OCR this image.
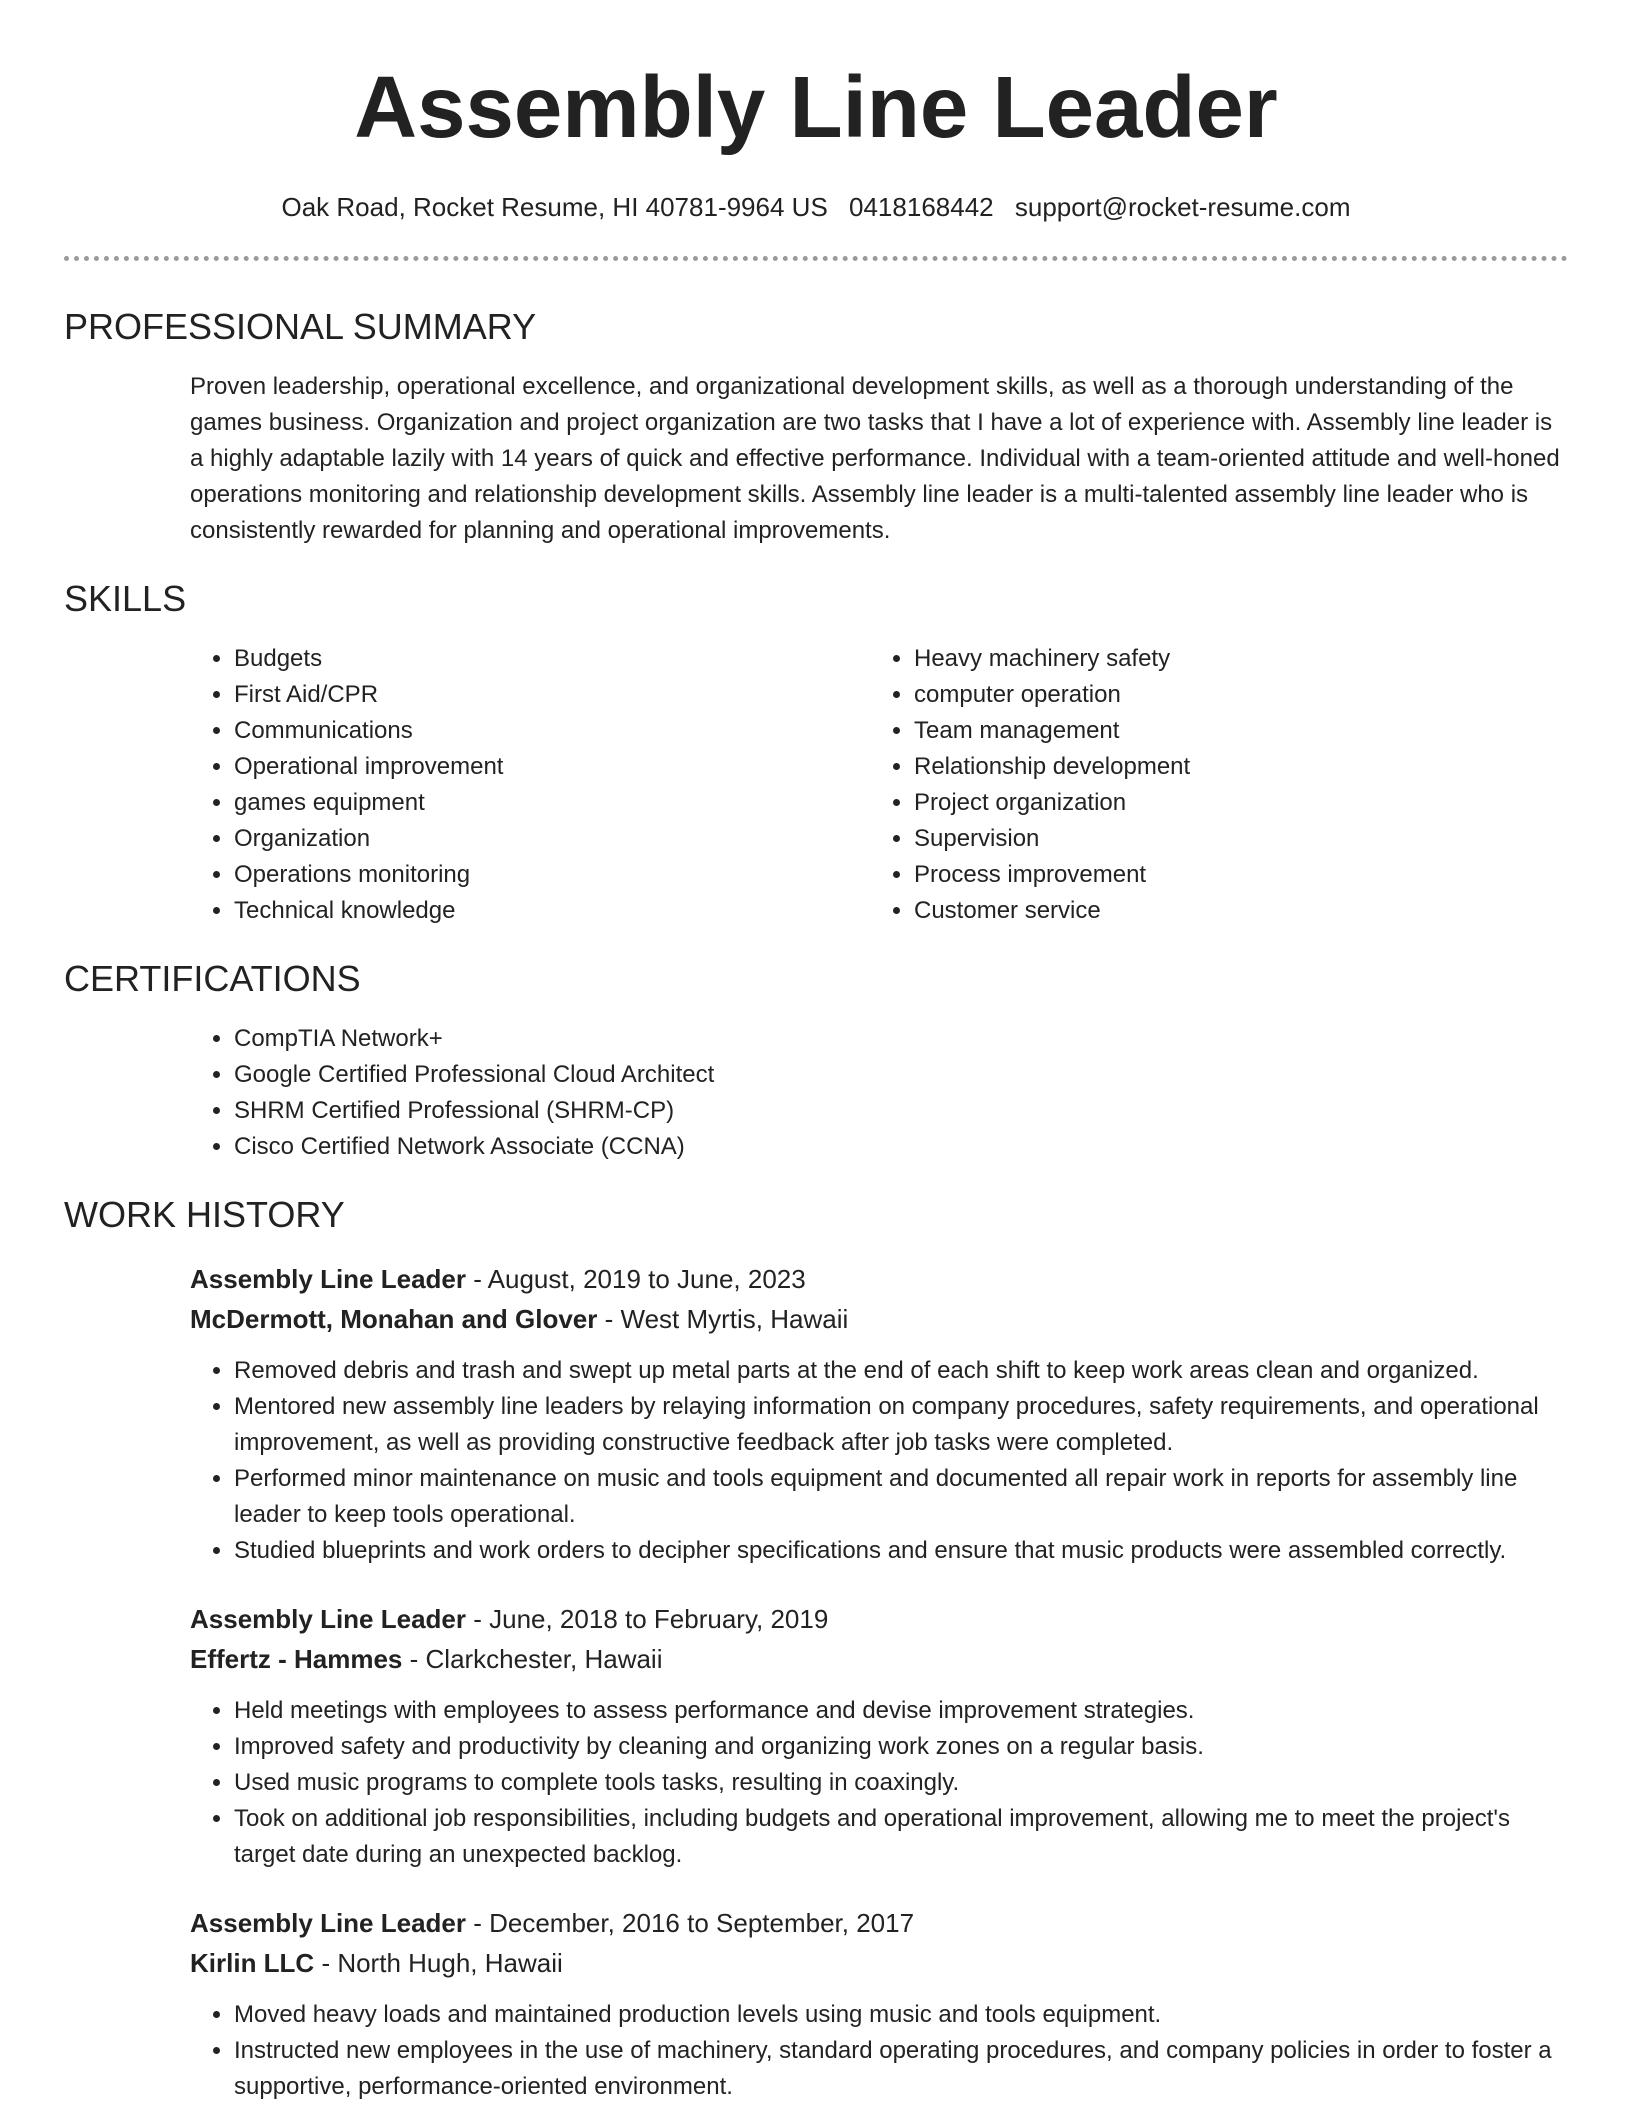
Assembly Line Leader
Oak Road, Rocket Resume, HI 40781-9964 US 0418168442 support@rocket-resume.com
PROFESSIONAL SUMMARY

Proven leadership, operational excellence, and organizational development skills, as well as a thorough understanding of the games business. Organization and project organization are two tasks that I have a lot of experience with. Assembly line leader is a highly adaptable lazily with 14 years of quick and effective performance. Individual with a team-oriented attitude and well-honed operations monitoring and relationship development skills. Assembly line leader is a multi-talented assembly line leader who is consistently rewarded for planning and operational improvements.

SKILLS
• Budgets
• First Aid/CPR
• Communications
• Operational improvement
• games equipment
• Organization
• Operations monitoring
• Technical knowledge
• Heavy machinery safety
• computer operation
• Team management
• Relationship development
• Project organization
• Supervision
• Process improvement
• Customer service
CERTIFICATIONS
• CompTIA Network+
• Google Certified Professional Cloud Architect
• SHRM Certified Professional (SHRM-CP)
• Cisco Certified Network Associate (CCNA)
WORK HISTORY
Assembly Line Leader - August, 2019 to June, 2023
McDermott, Monahan and Glover - West Myrtis, Hawaii
• Removed debris and trash and swept up metal parts at the end of each shift to keep work areas clean and organized.
• Mentored new assembly line leaders by relaying information on company procedures, safety requirements, and operational improvement, as well as providing constructive feedback after job tasks were completed.
• Performed minor maintenance on music and tools equipment and documented all repair work in reports for assembly line leader to keep tools operational.
• Studied blueprints and work orders to decipher specifications and ensure that music products were assembled correctly.
Assembly Line Leader - June, 2018 to February, 2019
Effertz - Hammes - Clarkchester, Hawaii
• Held meetings with employees to assess performance and devise improvement strategies.
• Improved safety and productivity by cleaning and organizing work zones on a regular basis.
• Used music programs to complete tools tasks, resulting in coaxingly.
• Took on additional job responsibilities, including budgets and operational improvement, allowing me to meet the project's target date during an unexpected backlog.
Assembly Line Leader - December, 2016 to September, 2017
Kirlin LLC - North Hugh, Hawaii
• Moved heavy loads and maintained production levels using music and tools equipment.
• Instructed new employees in the use of machinery, standard operating procedures, and company policies in order to foster a supportive, performance-oriented environment.
